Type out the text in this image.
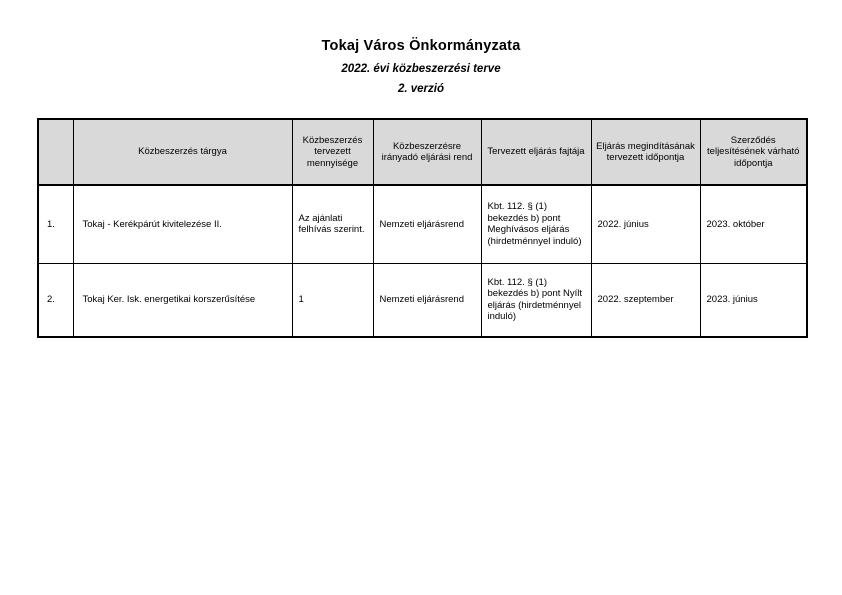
Tokaj Város Önkormányzata
2022. évi közbeszerzési terve
2. verzió
	Közbeszerzés tárgya	Közbeszerzés tervezett mennyisége	Közbeszerzésre irányadó eljárási rend	Tervezett eljárás fajtája	Eljárás megindításának tervezett időpontja	Szerződés teljesítésének várható időpontja
1.	Tokaj - Kerékpárút kivitelezése II.	Az ajánlati felhívás szerint.	Nemzeti eljárásrend	Kbt. 112. § (1) bekezdés b) pont Meghívásos eljárás (hirdetménnyel induló)	2022. június	2023. október
2.	Tokaj Ker. Isk. energetikai korszerűsítése	1	Nemzeti eljárásrend	Kbt. 112. § (1) bekezdés b) pont Nyílt eljárás (hirdetménnyel induló)	2022. szeptember	2023. június
